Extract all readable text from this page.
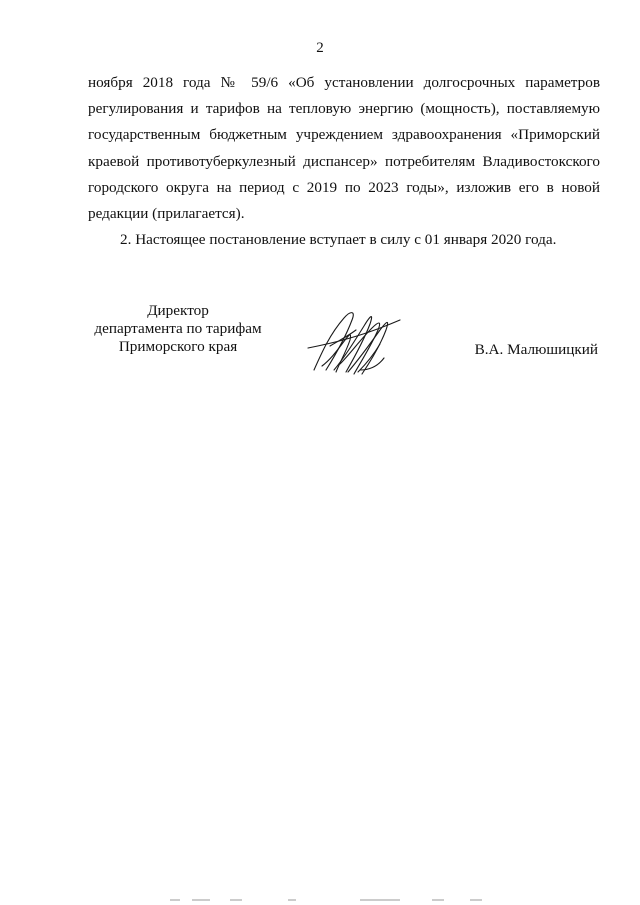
2

ноября 2018 года № 59/6 «Об установлении долгосрочных параметров регулирования и тарифов на тепловую энергию (мощность), поставляемую государственным бюджетным учреждением здравоохранения «Приморский краевой противотуберкулезный диспансер» потребителям Владивостокского городского округа на период с 2019 по 2023 годы», изложив его в новой редакции (прилагается).

2. Настоящее постановление вступает в силу с 01 января 2020 года.

Директор
департамента по тарифам
Приморского края	В.А. Малюшицкий
